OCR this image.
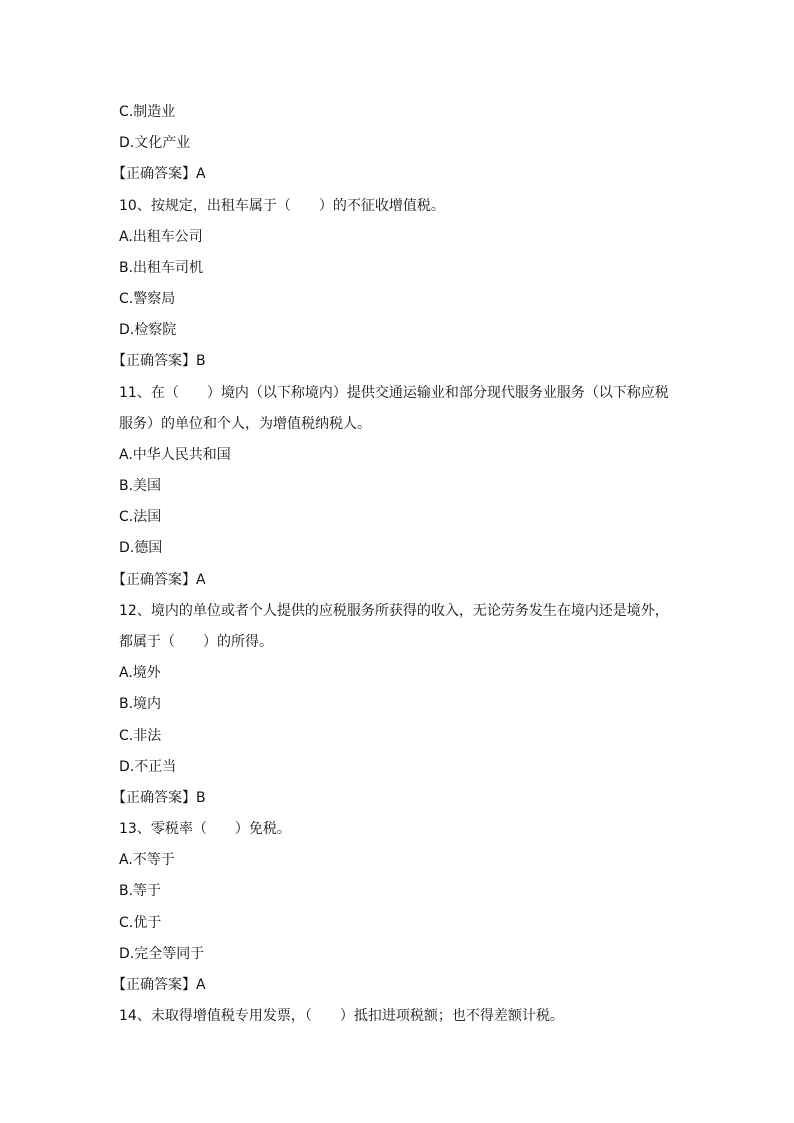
C.制造业
D.文化产业
【正确答案】A
10、按规定，出租车属于（　　）的不征收增值税。
A.出租车公司
B.出租车司机
C.警察局
D.检察院
【正确答案】B
11、在（　　）境内（以下称境内）提供交通运输业和部分现代服务业服务（以下称应税
服务）的单位和个人，为增值税纳税人。
A.中华人民共和国
B.美国
C.法国
D.德国
【正确答案】A
12、境内的单位或者个人提供的应税服务所获得的收入，无论劳务发生在境内还是境外，
都属于（　　）的所得。
A.境外
B.境内
C.非法
D.不正当
【正确答案】B
13、零税率（　　）免税。
A.不等于
B.等于
C.优于
D.完全等同于
【正确答案】A
14、未取得增值税专用发票，（　　）抵扣进项税额；也不得差额计税。
